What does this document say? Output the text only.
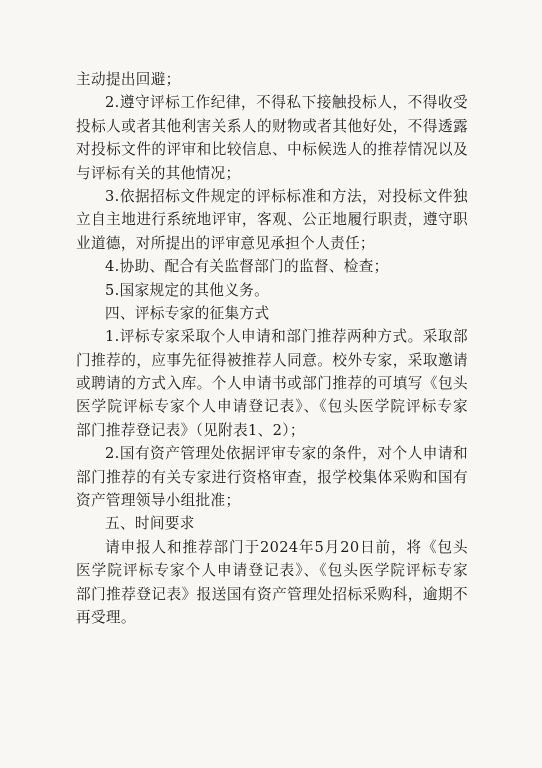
主动提出回避；
2.遵守评标工作纪律，不得私下接触投标人，不得收受
投标人或者其他利害关系人的财物或者其他好处，不得透露
对投标文件的评审和比较信息、中标候选人的推荐情况以及
与评标有关的其他情况；
3.依据招标文件规定的评标标准和方法，对投标文件独
立自主地进行系统地评审，客观、公正地履行职责，遵守职
业道德，对所提出的评审意见承担个人责任；
4.协助、配合有关监督部门的监督、检查；
5.国家规定的其他义务。
四、评标专家的征集方式
1.评标专家采取个人申请和部门推荐两种方式。采取部
门推荐的，应事先征得被推荐人同意。校外专家，采取邀请
或聘请的方式入库。个人申请书或部门推荐的可填写《包头
医学院评标专家个人申请登记表》、《包头医学院评标专家
部门推荐登记表》（见附表1、2）；
2.国有资产管理处依据评审专家的条件，对个人申请和
部门推荐的有关专家进行资格审查，报学校集体采购和国有
资产管理领导小组批准；
五、时间要求
请申报人和推荐部门于2024年5月20日前，将《包头
医学院评标专家个人申请登记表》、《包头医学院评标专家
部门推荐登记表》报送国有资产管理处招标采购科，逾期不
再受理。
